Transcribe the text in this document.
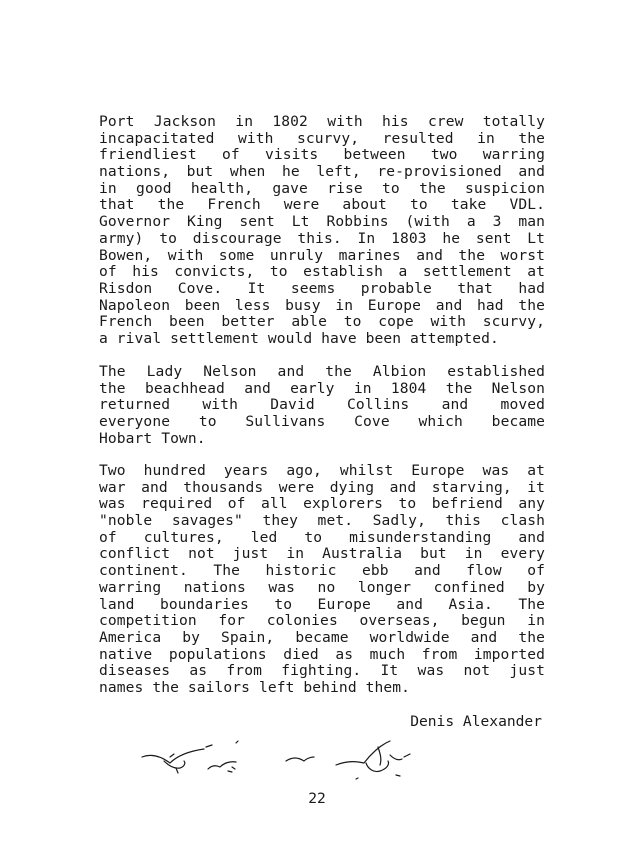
Port Jackson in 1802 with his crew totally
incapacitated with scurvy, resulted in the
friendliest of visits between two warring
nations, but when he left, re-provisioned and
in good health, gave rise to the suspicion
that the French were about to take VDL.
Governor King sent Lt Robbins (with a 3 man
army) to discourage this. In 1803 he sent Lt
Bowen, with some unruly marines and the worst
of his convicts, to establish a settlement at
Risdon Cove. It seems probable that had
Napoleon been less busy in Europe and had the
French been better able to cope with scurvy,
a rival settlement would have been attempted.
The Lady Nelson and the Albion established
the beachhead and early in 1804 the Nelson
returned with David Collins and moved
everyone to Sullivans Cove which became
Hobart Town.
Two hundred years ago, whilst Europe was at
war and thousands were dying and starving, it
was required of all explorers to befriend any
"noble savages" they met. Sadly, this clash
of cultures, led to misunderstanding and
conflict not just in Australia but in every
continent. The historic ebb and flow of
warring nations was no longer confined by
land boundaries to Europe and Asia. The
competition for colonies overseas, begun in
America by Spain, became worldwide and the
native populations died as much from imported
diseases as from fighting. It was not just
names the sailors left behind them.
Denis Alexander
22
